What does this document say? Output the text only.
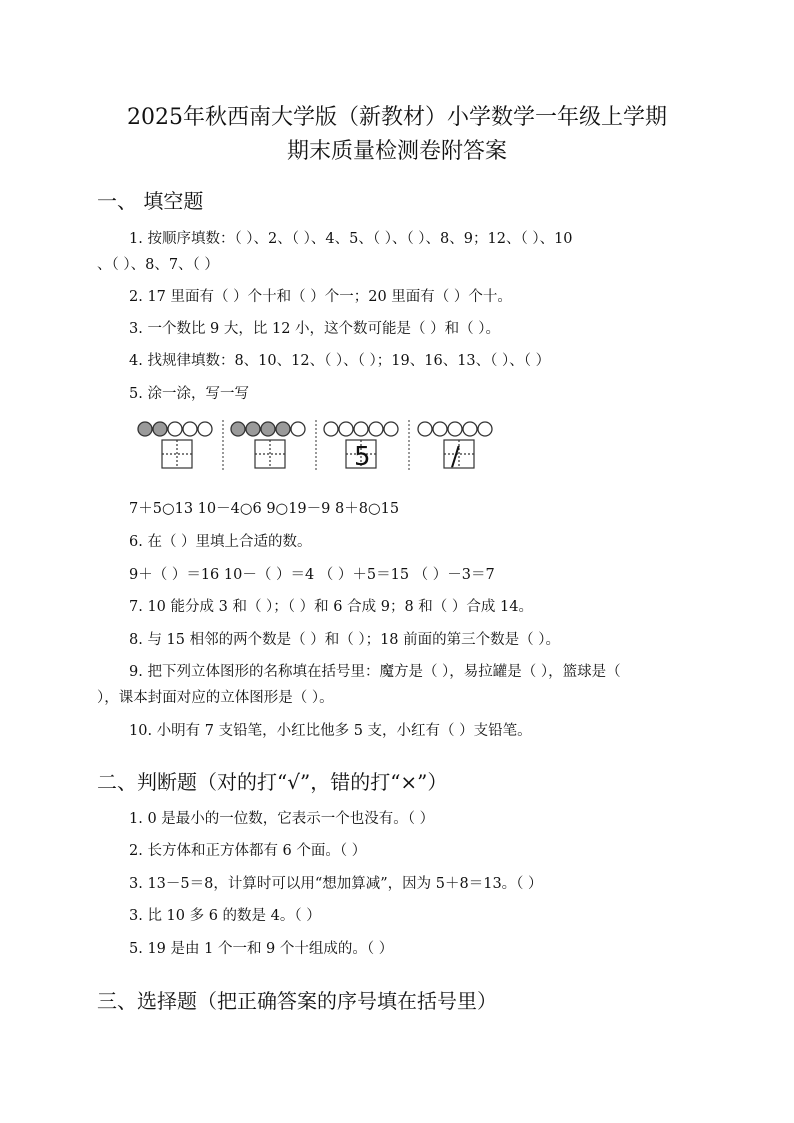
2025年秋西南大学版（新教材）小学数学一年级上学期
期末质量检测卷附答案
一、 填空题
1. 按顺序填数：（ ）、2、（ ）、4、5、（ ）、（ ）、8、9；12、（ ）、10
、（ ）、8、7、（ ）
2. 17 里面有（ ）个十和（ ）个一；20 里面有（ ）个十。
3. 一个数比 9 大，比 12 小，这个数可能是（ ）和（ ）。
4. 找规律填数：8、10、12、（ ）、（ ）；19、16、13、（ ）、（ ）
5. 涂一涂，写一写
5	/
7＋5○13 10－4○6 9○19－9 8＋8○15
6. 在（ ）里填上合适的数。
9＋（ ）＝16 10－（ ）＝4 （ ）＋5＝15 （ ）－3＝7
7. 10 能分成 3 和（ ）；（ ）和 6 合成 9；8 和（ ）合成 14。
8. 与 15 相邻的两个数是（ ）和（ ）；18 前面的第三个数是（ ）。
9. 把下列立体图形的名称填在括号里：魔方是（ ），易拉罐是（ ），篮球是（
），课本封面对应的立体图形是（ ）。
10. 小明有 7 支铅笔，小红比他多 5 支，小红有（ ）支铅笔。
二、判断题（对的打“√”，错的打“×”）
1. 0 是最小的一位数，它表示一个也没有。（ ）
2. 长方体和正方体都有 6 个面。（ ）
3. 13－5＝8，计算时可以用“想加算减”，因为 5＋8＝13。（ ）
3. 比 10 多 6 的数是 4。（ ）
5. 19 是由 1 个一和 9 个十组成的。（ ）
三、选择题（把正确答案的序号填在括号里）
